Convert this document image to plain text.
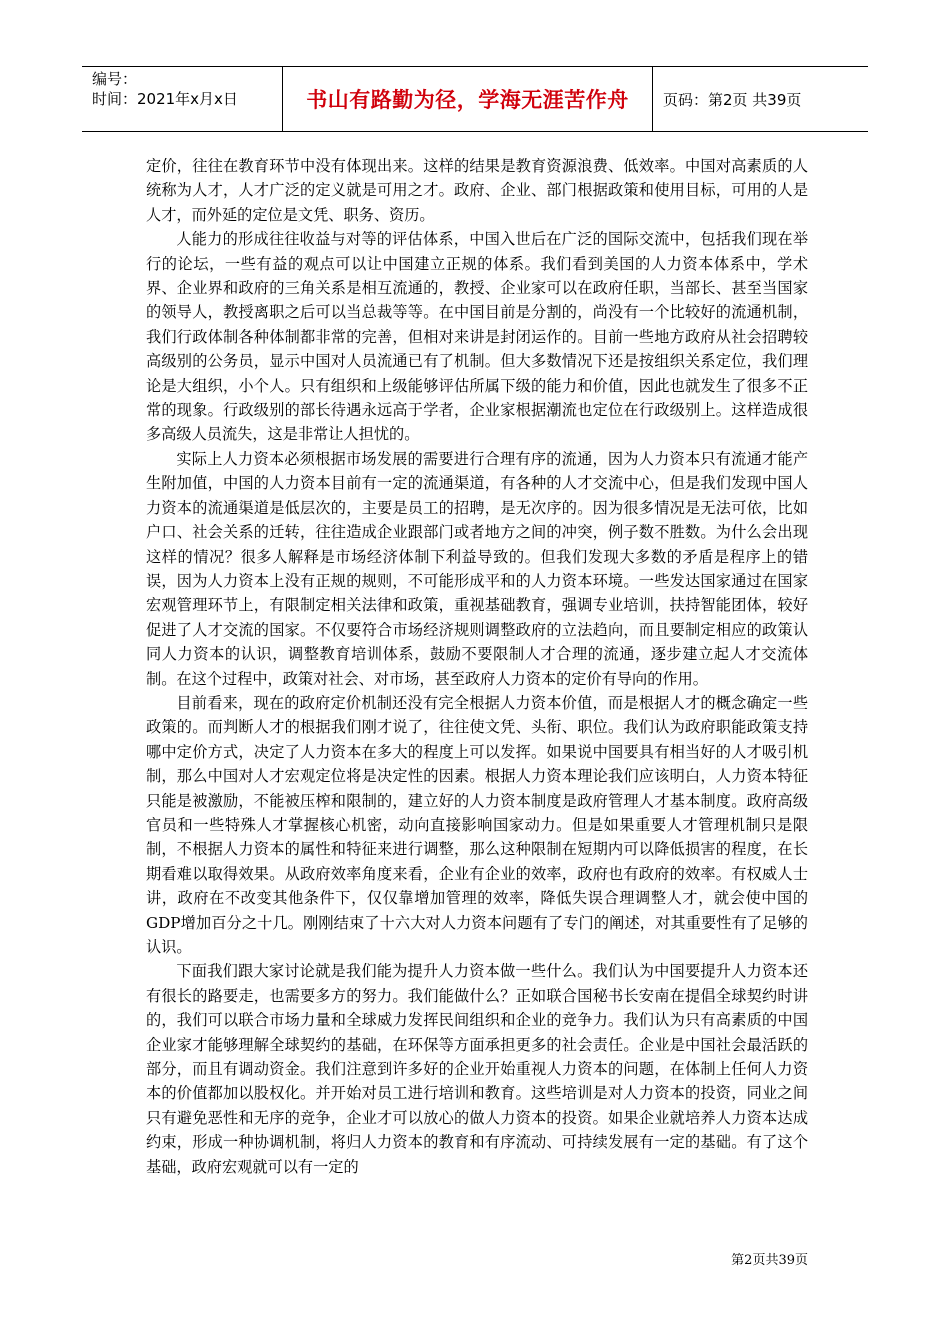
编号：
时间：2021年x月x日	书山有路勤为径，学海无涯苦作舟 页码：第2页 共39页

定价，往往在教育环节中没有体现出来。这样的结果是教育资源浪费、低效率。中国对高素质的人统称为人才，人才广泛的定义就是可用之才。政府、企业、部门根据政策和使用目标，可用的人是人才，而外延的定位是文凭、职务、资历。

人能力的形成往往收益与对等的评估体系，中国入世后在广泛的国际交流中，包括我们现在举行的论坛，一些有益的观点可以让中国建立正规的体系。我们看到美国的人力资本体系中，学术界、企业界和政府的三角关系是相互流通的，教授、企业家可以在政府任职，当部长、甚至当国家的领导人，教授离职之后可以当总裁等等。在中国目前是分割的，尚没有一个比较好的流通机制，我们行政体制各种体制都非常的完善，但相对来讲是封闭运作的。目前一些地方政府从社会招聘较高级别的公务员，显示中国对人员流通已有了机制。但大多数情况下还是按组织关系定位，我们理论是大组织，小个人。只有组织和上级能够评估所属下级的能力和价值，因此也就发生了很多不正常的现象。行政级别的部长待遇永远高于学者，企业家根据潮流也定位在行政级别上。这样造成很多高级人员流失，这是非常让人担忧的。

实际上人力资本必须根据市场发展的需要进行合理有序的流通，因为人力资本只有流通才能产生附加值，中国的人力资本目前有一定的流通渠道，有各种的人才交流中心，但是我们发现中国人力资本的流通渠道是低层次的，主要是员工的招聘，是无次序的。因为很多情况是无法可依，比如户口、社会关系的迁转，往往造成企业跟部门或者地方之间的冲突，例子数不胜数。为什么会出现这样的情况？很多人解释是市场经济体制下利益导致的。但我们发现大多数的矛盾是程序上的错误，因为人力资本上没有正规的规则，不可能形成平和的人力资本环境。一些发达国家通过在国家宏观管理环节上，有限制定相关法律和政策，重视基础教育，强调专业培训，扶持智能团体，较好促进了人才交流的国家。不仅要符合市场经济规则调整政府的立法趋向，而且要制定相应的政策认同人力资本的认识，调整教育培训体系，鼓励不要限制人才合理的流通，逐步建立起人才交流体制。在这个过程中，政策对社会、对市场，甚至政府人力资本的定价有导向的作用。

目前看来，现在的政府定价机制还没有完全根据人力资本价值，而是根据人才的概念确定一些政策的。而判断人才的根据我们刚才说了，往往使文凭、头衔、职位。我们认为政府职能政策支持哪中定价方式，决定了人力资本在多大的程度上可以发挥。如果说中国要具有相当好的人才吸引机制，那么中国对人才宏观定位将是决定性的因素。根据人力资本理论我们应该明白，人力资本特征只能是被激励，不能被压榨和限制的，建立好的人力资本制度是政府管理人才基本制度。政府高级官员和一些特殊人才掌握核心机密，动向直接影响国家动力。但是如果重要人才管理机制只是限制，不根据人力资本的属性和特征来进行调整，那么这种限制在短期内可以降低损害的程度，在长期看难以取得效果。从政府效率角度来看，企业有企业的效率，政府也有政府的效率。有权威人士讲，政府在不改变其他条件下，仅仅靠增加管理的效率，降低失误合理调整人才，就会使中国的GDP增加百分之十几。刚刚结束了十六大对人力资本问题有了专门的阐述，对其重要性有了足够的认识。

下面我们跟大家讨论就是我们能为提升人力资本做一些什么。我们认为中国要提升人力资本还有很长的路要走，也需要多方的努力。我们能做什么？正如联合国秘书长安南在提倡全球契约时讲的，我们可以联合市场力量和全球威力发挥民间组织和企业的竞争力。我们认为只有高素质的中国企业家才能够理解全球契约的基础，在环保等方面承担更多的社会责任。企业是中国社会最活跃的部分，而且有调动资金。我们注意到许多好的企业开始重视人力资本的问题，在体制上任何人力资本的价值都加以股权化。并开始对员工进行培训和教育。这些培训是对人力资本的投资，同业之间只有避免恶性和无序的竞争，企业才可以放心的做人力资本的投资。如果企业就培养人力资本达成约束，形成一种协调机制，将归人力资本的教育和有序流动、可持续发展有一定的基础。有了这个基础，政府宏观就可以有一定的

第2页共39页
